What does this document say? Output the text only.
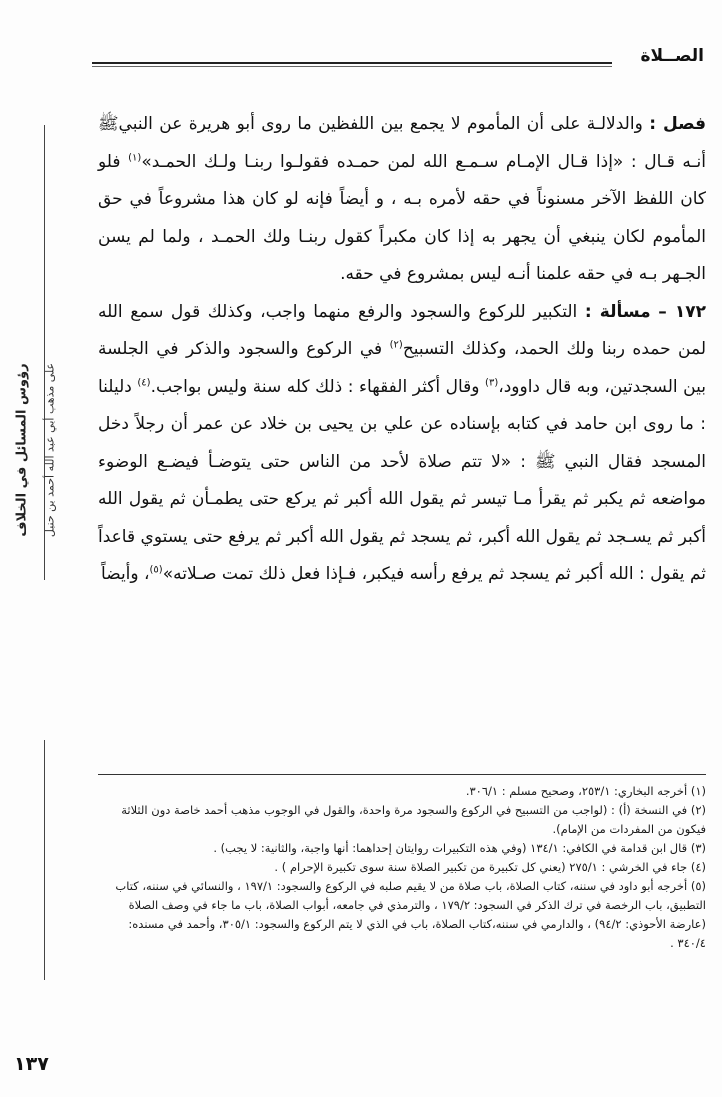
الصــلاة
رؤوس المسائل في الخلاف على مذهب أبي عبد الله أحمد بن حنبل

فصل : والدلالـة على أن المأموم لا يجمع بين اللفظين ما روى أبو هريرة عن النبيﷺ أنـه قـال : «إذا قـال الإمـام سـمـع الله لمن حمـده فقولـوا ربنـا ولـك الحمـد»$^{(١)}$ فلو كان اللفظ الآخر مسنوناً في حقه لأمره بـه ، و أيضاً فإنه لو كان هذا مشروعاً في حق المأموم لكان ينبغي أن يجهر به إذا كان مكبراً كقول ربنـا ولك الحمـد ، ولما لم يسن الجـهر بـه في حقه علمنا أنـه ليس بمشروع في حقه.

١٧٢ – مسألة : التكبير للركوع والسجود والرفع منهما واجب، وكذلك قول سمع الله لمن حمده ربنا ولك الحمد، وكذلك التسبيح$^{(٢)}$ في الركوع والسجود والذكر في الجلسة بين السجدتين، وبه قال داوود،$^{(٣)}$ وقال أكثر الفقهاء : ذلك كله سنة وليس بواجب.$^{(٤)}$ دليلنا : ما روى ابن حامد في كتابه بإسناده عن علي بن يحيى بن خلاد عن عمر أن رجلاً دخل المسجد فقال النبي ﷺ : «لا تتم صلاة لأحد من الناس حتى يتوضـأ فيضـع الوضوء مواضعه ثم يكبر ثم يقرأ مـا تيسر ثم يقول الله أكبر ثم يركع حتى يطمـأن ثم يقول الله أكبر ثم يسـجد ثم يقول الله أكبر، ثم يسجد ثم يقول الله أكبر ثم يرفع حتى يستوي قاعداً ثم يقول : الله أكبر ثم يسجد ثم يرفع رأسه فيكبر، فـإذا فعل ذلك تمت صـلاته»$^{(٥)}$، وأيضاً

(١) أخرجه البخاري: ٢٥٣/١، وصحيح مسلم : ٣٠٦/١.

(٢) في النسخة (أ) : (لواجب من التسبيح في الركوع والسجود مرة واحدة، والقول في الوجوب مذهب أحمد خاصة دون الثلاثة فيكون من المفردات من الإمام).

(٣) قال ابن قدامة في الكافي: ١٣٤/١ (وفي هذه التكبيرات روايتان إحداهما: أنها واجبة، والثانية: لا يجب) .

(٤) جاء في الخرشي : ٢٧٥/١ (يعني كل تكبيرة من تكبير الصلاة سنة سوى تكبيرة الإحرام ) .

(٥) أخرجه أبو داود في سننه، كتاب الصلاة، باب صلاة من لا يقيم صلبه في الركوع والسجود: ١٩٧/١ ، والنسائي في سننه، كتاب التطبيق، باب الرخصة في ترك الذكر في السجود: ١٧٩/٢ ، والترمذي في جامعه، أبواب الصلاة، باب ما جاء في وصف الصلاة (عارضة الأحوذي: ٩٤/٢) ، والدارمي في سننه،كتاب الصلاة، باب في الذي لا يتم الركوع والسجود: ٣٠٥/١، وأحمد في مسنده: ٣٤٠/٤ .

١٣٧
